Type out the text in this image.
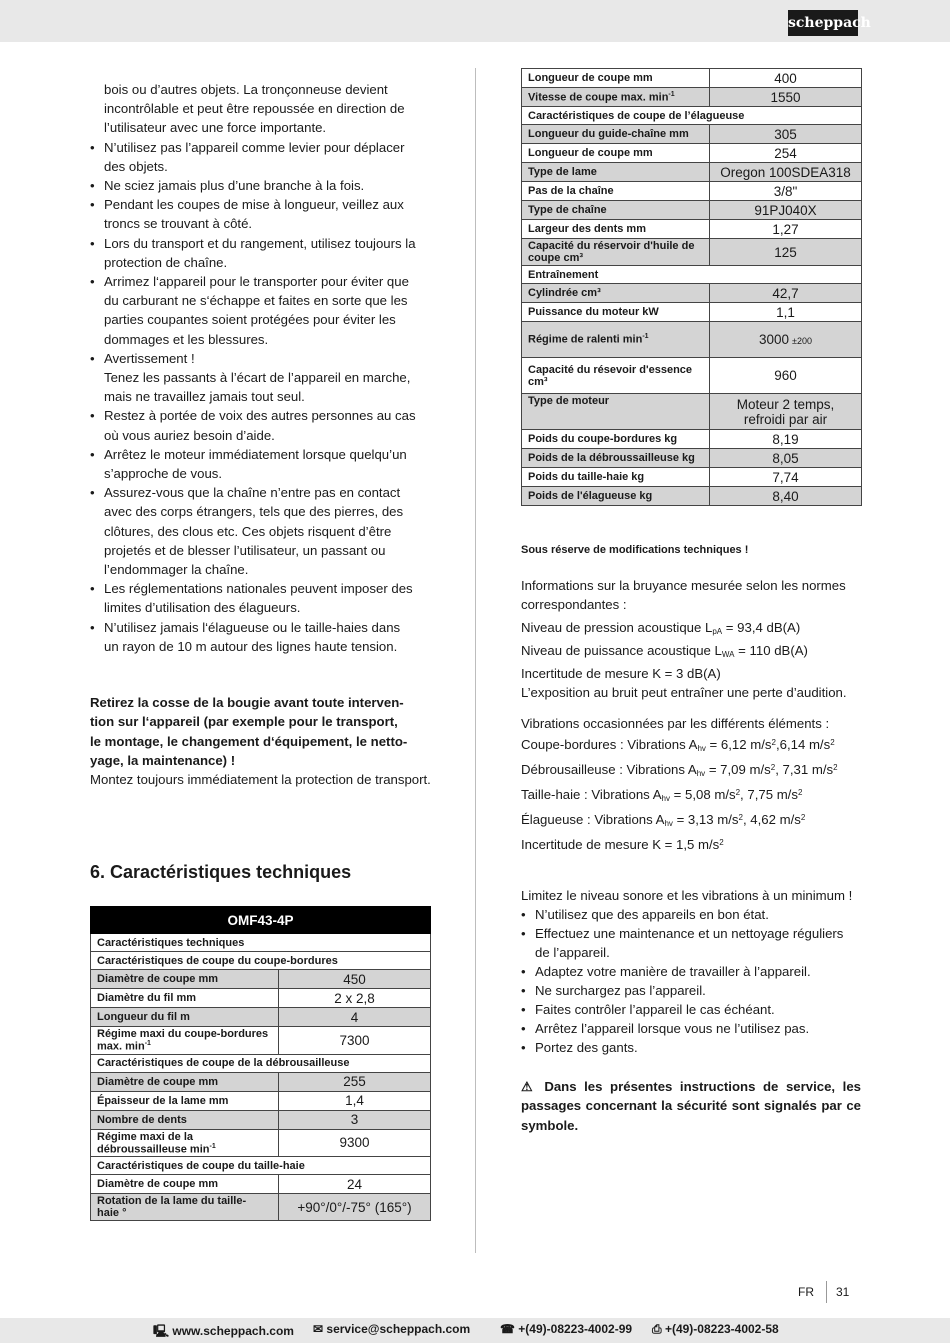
scheppach
bois ou d’autres objets. La tronçonneuse devient
incontrôlable et peut être repoussée en direction de
l’utilisateur avec une force importante.
• N’utilisez pas l’appareil comme levier pour déplacer
des objets.
• Ne sciez jamais plus d’une branche à la fois.
• Pendant les coupes de mise à longueur, veillez aux
troncs se trouvant à côté.
• Lors du transport et du rangement, utilisez toujours la
protection de chaîne.
• Arrimez l‘appareil pour le transporter pour éviter que
du carburant ne s‘échappe et faites en sorte que les
parties coupantes soient protégées pour éviter les
dommages et les blessures.
• Avertissement !
Tenez les passants à l’écart de l’appareil en marche,
mais ne travaillez jamais tout seul.
• Restez à portée de voix des autres personnes au cas
où vous auriez besoin d’aide.
• Arrêtez le moteur immédiatement lorsque quelqu’un
s’approche de vous.
• Assurez-vous que la chaîne n’entre pas en contact
avec des corps étrangers, tels que des pierres, des
clôtures, des clous etc. Ces objets risquent d’être
projetés et de blesser l’utilisateur, un passant ou
l’endommager la chaîne.
• Les réglementations nationales peuvent imposer des
limites d’utilisation des élagueurs.
• N’utilisez jamais l‘élagueuse ou le taille-haies dans
un rayon de 10 m autour des lignes haute tension.
Retirez la cosse de la bougie avant toute interven-
tion sur l‘appareil (par exemple pour le transport,
le montage, le changement d‘équipement, le netto-
yage, la maintenance) !
Montez toujours immédiatement la protection de transport.
6. Caractéristiques techniques
OMF43-4P	
Caractéristiques techniques	
Caractéristiques de coupe du coupe-bordures	
Diamètre de coupe mm	450
Diamètre du fil mm	2 x 2,8
Longueur du fil m	4
Régime maxi du coupe-bordures
max. $\min^{-1}$	7300
Caractéristiques de coupe de la débrousailleuse	
Diamètre de coupe mm	255
Épaisseur de la lame mm	1,4
Nombre de dents	3
Régime maxi de la
débroussailleuse $\min^{-1}$	9300
Caractéristiques de coupe du taille-haie	
Diamètre de coupe mm	24
Rotation de la lame du taille-
haie °	+90°/0°/-75° (165°)
Longueur de coupe mm	400
Vitesse de coupe max. $\min^{-1}$	1550
Caractéristiques de coupe de l’élagueuse	
Longueur du guide-chaîne mm	305
Longueur de coupe mm	254
Type de lame	Oregon 100SDEA318
Pas de la chaîne	3/8"
Type de chaîne	91PJ040X
Largeur des dents mm	1,27
Capacité du réservoir d'huile de
coupe cm³	125
Entraînement	
Cylindrée cm³	42,7
Puissance du moteur kW	1,1
Régime de ralenti $\min^{-1}$	3000 ±200
Capacité du résevoir d'essence
cm³	960
Type de moteur	Moteur 2 temps,
refroidi par air
Poids du coupe-bordures kg	8,19
Poids de la débroussailleuse kg	8,05
Poids du taille-haie kg	7,74
Poids de l'élagueuse kg	8,40
Sous réserve de modifications techniques !
Informations sur la bruyance mesurée selon les normes
correspondantes :
Niveau de pression acoustique $L_{pA} = 93,4$ dB(A)
Niveau de puissance acoustique $L_{WA} = 110$ dB(A)
Incertitude de mesure K = 3 dB(A)
L’exposition au bruit peut entraîner une perte d’audition.
Vibrations occasionnées par les différents éléments :
Coupe-bordures : Vibrations $A_{hv} = 6,12$ $m/s^2,6,14$ $m/s^2$
Débrousailleuse : Vibrations $A_{hv} = 7,09$ $m/s^2$, 7,31 $m/s^2$
Taille-haie : Vibrations $A_{hv} = 5,08$ $m/s^2$, 7,75 $m/s^2$
Élagueuse : Vibrations $A_{hv} = 3,13$ $m/s^2$, 4,62 $m/s^2$
Incertitude de mesure K = 1,5 $m/s^2$
Limitez le niveau sonore et les vibrations à un minimum !
• N’utilisez que des appareils en bon état.
• Effectuez une maintenance et un nettoyage réguliers
de l’appareil.
• Adaptez votre manière de travailler à l’appareil.
• Ne surchargez pas l’appareil.
• Faites contrôler l’appareil le cas échéant.
• Arrêtez l’appareil lorsque vous ne l’utilisez pas.
• Portez des gants.
⚠ Dans les présentes instructions de service, les passages concernant la sécurité sont signalés par ce symbole.
FR 31
🖳 www.scheppach.com ✉ service@scheppach.com ☎ +(49)-08223-4002-99 ⎙ +(49)-08223-4002-58
